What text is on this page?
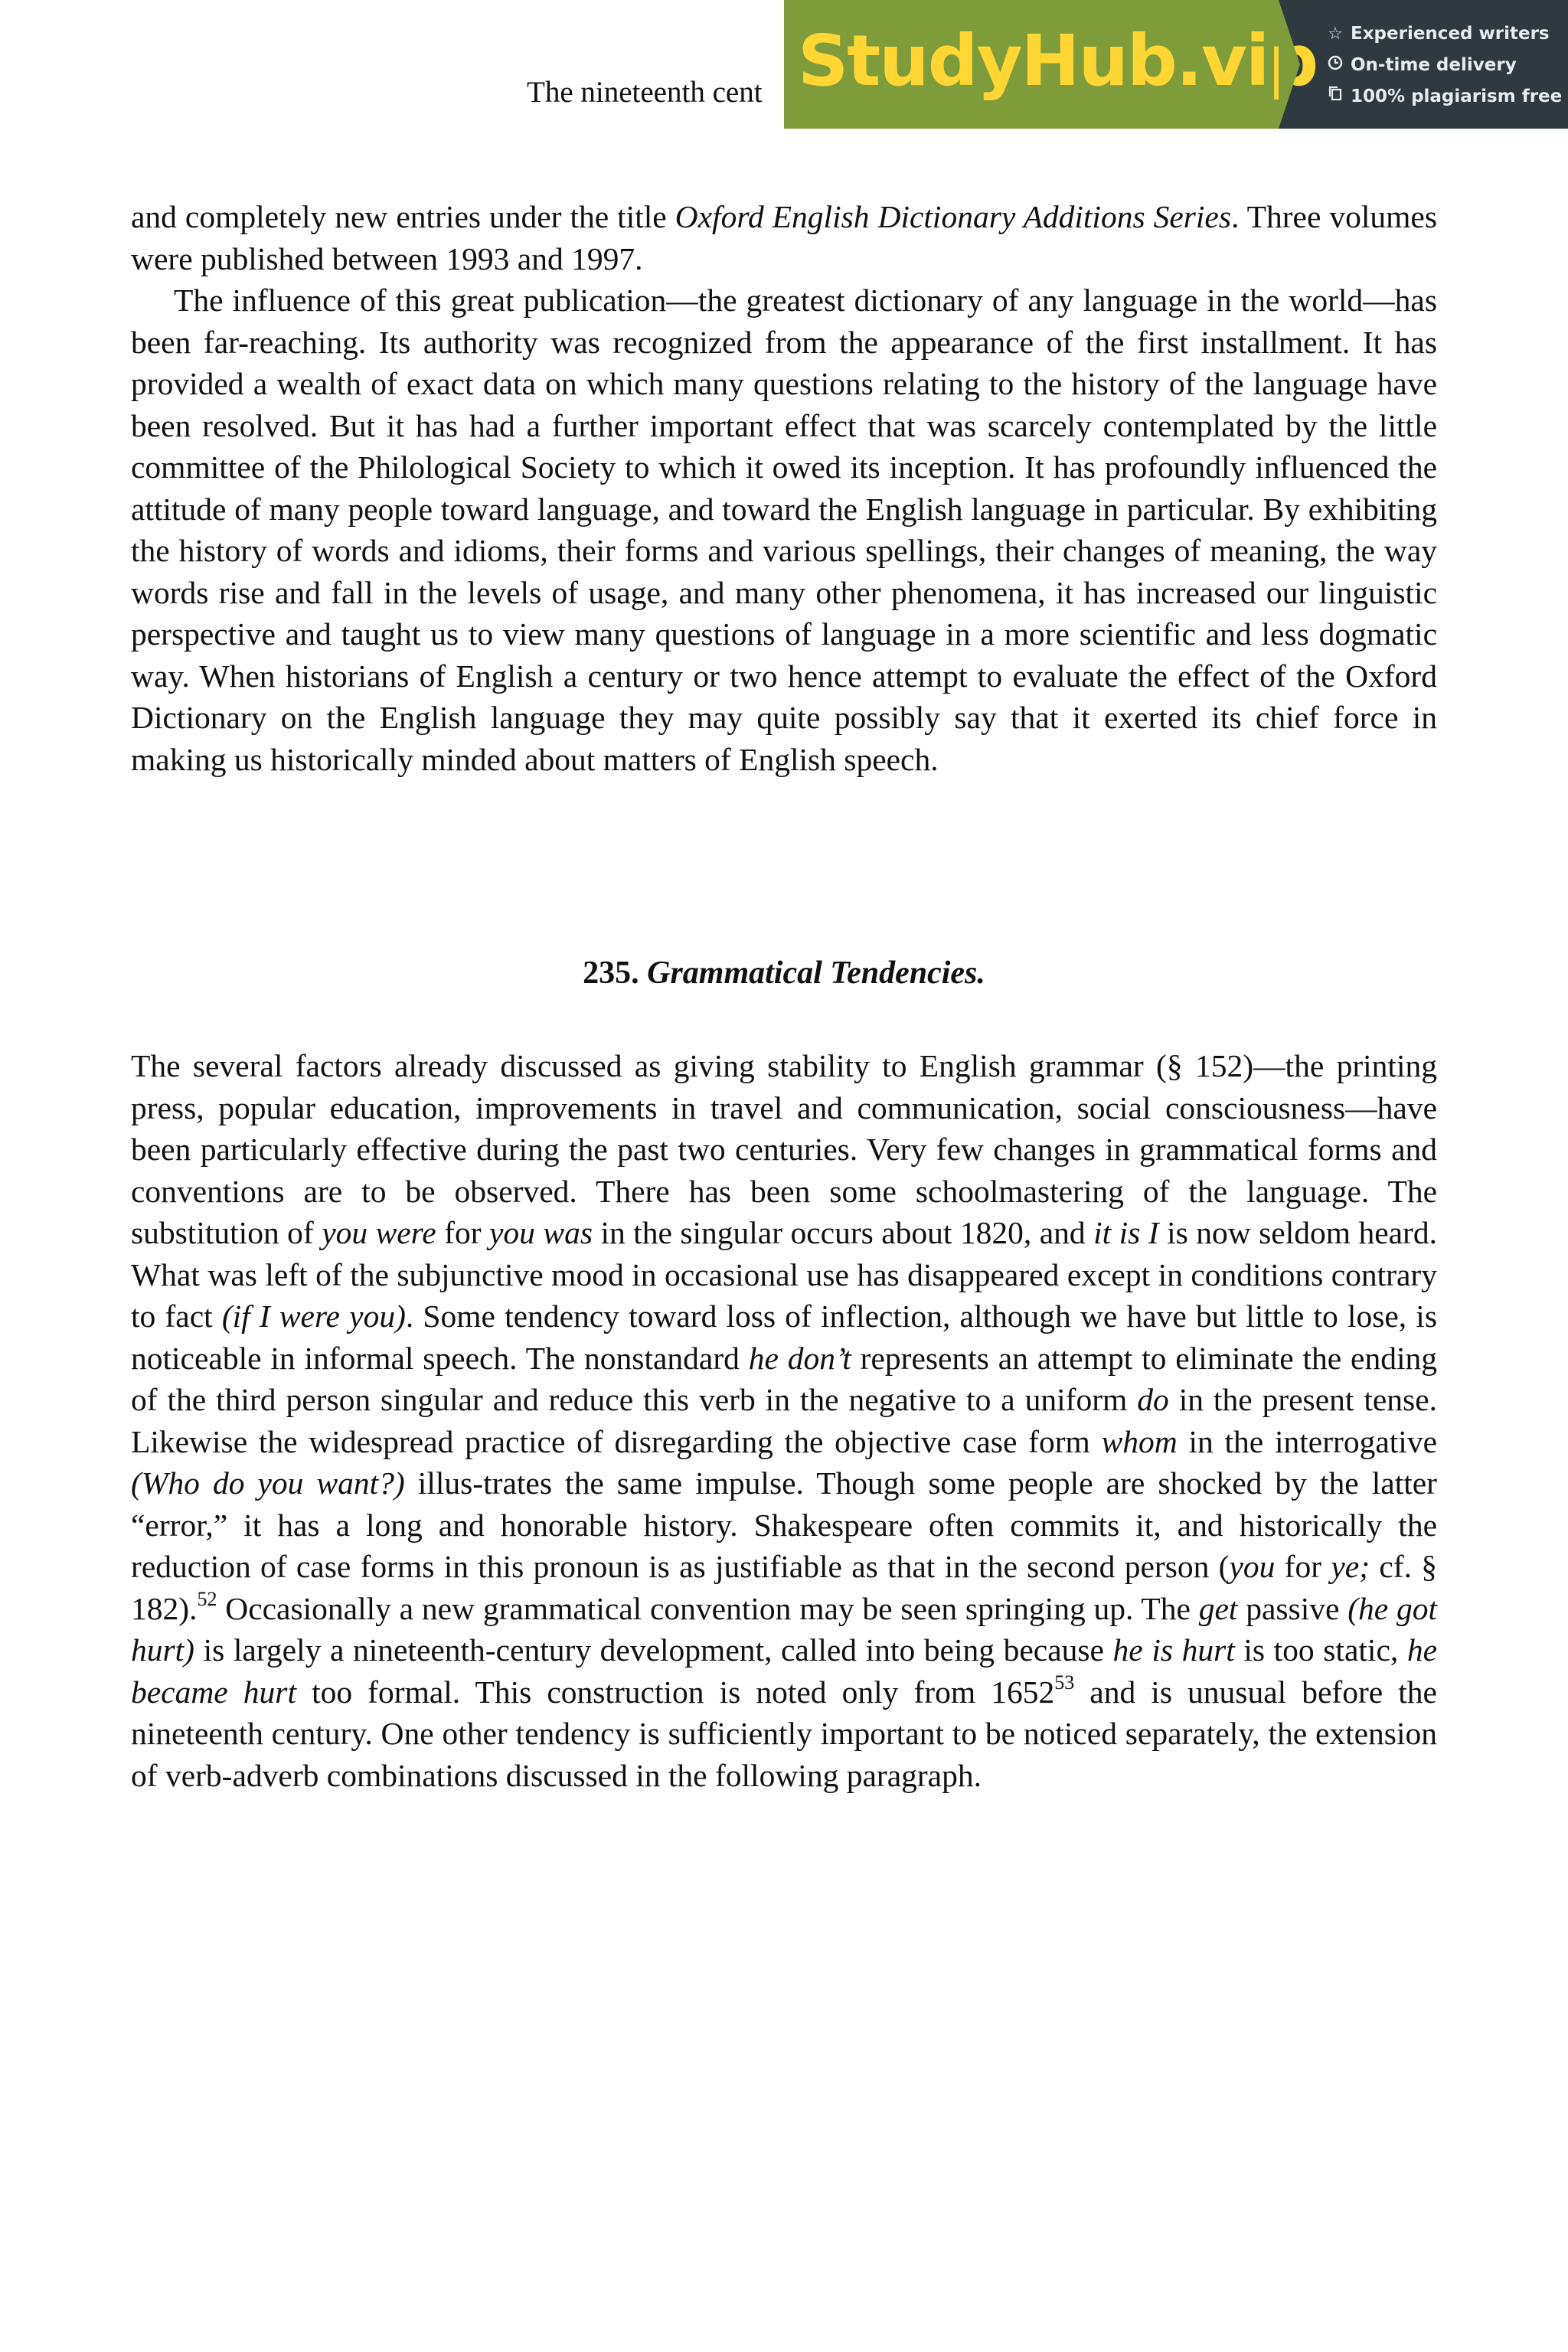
The nineteenth cent StudyHub.vip ☆ Experienced writers
On-time delivery
100% plagiarism free

and completely new entries under the title Oxford English Dictionary Additions Series. Three volumes were published between 1993 and 1997.

The influence of this great publication—the greatest dictionary of any language in the world—has been far-reaching. Its authority was recognized from the appearance of the first installment. It has provided a wealth of exact data on which many questions relating to the history of the language have been resolved. But it has had a further important effect that was scarcely contemplated by the little committee of the Philological Society to which it owed its inception. It has profoundly influenced the attitude of many people toward language, and toward the English language in particular. By exhibiting the history of words and idioms, their forms and various spellings, their changes of meaning, the way words rise and fall in the levels of usage, and many other phenomena, it has increased our linguistic perspective and taught us to view many questions of language in a more scientific and less dogmatic way. When historians of English a century or two hence attempt to evaluate the effect of the Oxford Dictionary on the English language they may quite possibly say that it exerted its chief force in making us historically minded about matters of English speech.

235. Grammatical Tendencies.

The several factors already discussed as giving stability to English grammar (§ 152)—the printing press, popular education, improvements in travel and communication, social consciousness—have been particularly effective during the past two centuries. Very few changes in grammatical forms and conventions are to be observed. There has been some schoolmastering of the language. The substitution of you were for you was in the singular occurs about 1820, and it is I is now seldom heard. What was left of the subjunctive mood in occasional use has disappeared except in conditions contrary to fact (if I were you). Some tendency toward loss of inflection, although we have but little to lose, is noticeable in informal speech. The nonstandard he don’t represents an attempt to eliminate the ending of the third person singular and reduce this verb in the negative to a uniform do in the present tense. Likewise the widespread practice of disregarding the objective case form whom in the interrogative (Who do you want?) illus-trates the same impulse. Though some people are shocked by the latter “error,” it has a long and honorable history. Shakespeare often commits it, and historically the reduction of case forms in this pronoun is as justifiable as that in the second person (you for ye; cf. § 182).$^{52}$ Occasionally a new grammatical convention may be seen springing up. The get passive (he got hurt) is largely a nineteenth-century development, called into being because he is hurt is too static, he became hurt too formal. This construction is noted only from 1652$^{53}$ and is unusual before the nineteenth century. One other tendency is sufficiently important to be noticed separately, the extension of verb-adverb combinations discussed in the following paragraph.
